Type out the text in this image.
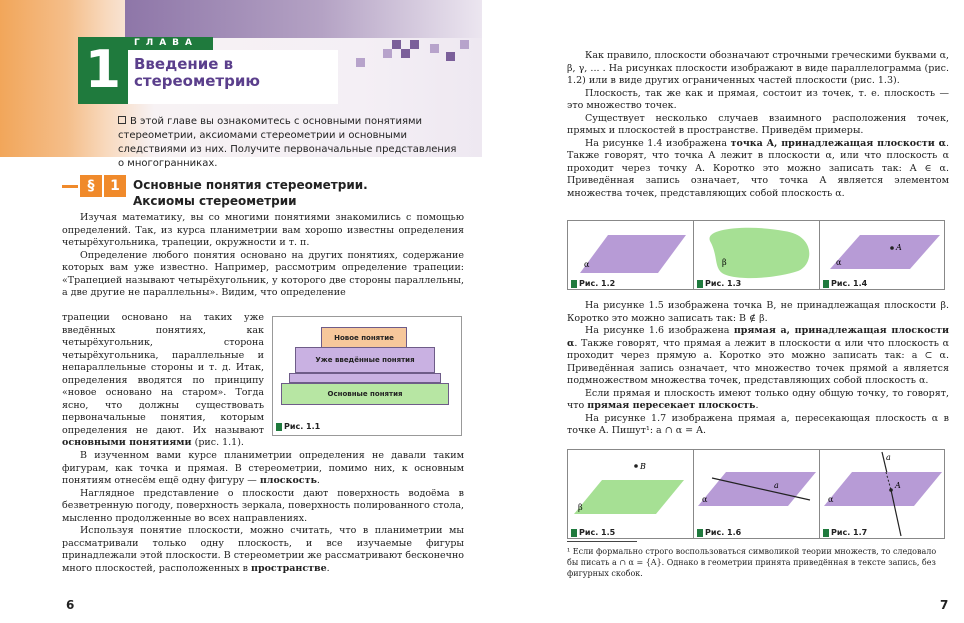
1	ГЛАВА
Введение в стереометрию
В этой главе вы ознакомитесь с основными понятиями стереометрии, аксиомами стереометрии и основными следствиями из них. Получите первоначальные представления о многогранниках.
§	1	Основные понятия стереометрии. Аксиомы стереометрии

Изучая математику, вы со многими понятиями знакомились с помощью определений. Так, из курса планиметрии вам хорошо известны определения четырёхугольника, трапеции, окружности и т. п.

Определение любого понятия основано на других понятиях, содержание которых вам уже известно. Например, рассмотрим определение трапеции: «Трапецией называют четырёхугольник, у которого две стороны параллельны, а две другие не параллельны». Видим, что определение

трапеции основано на таких уже введённых понятиях, как четырёхугольник, сторона четырёхугольника, параллельные и непараллельные стороны и т. д. Итак, определения вводятся по принципу «новое основано на старом». Тогда ясно, что должны существовать первоначальные понятия, которым определения не дают. Их называют основными понятиями (рис. 1.1).

Новое понятие
Уже введённые понятия
Основные понятия
Рис. 1.1

В изученном вами курсе планиметрии определения не давали таким фигурам, как точка и прямая. В стереометрии, помимо них, к основным понятиям отнесём ещё одну фигуру — плоскость.

Наглядное представление о плоскости дают поверхность водоёма в безветренную погоду, поверхность зеркала, поверхность полированного стола, мысленно продолженные во всех направлениях.

Используя понятие плоскости, можно считать, что в планиметрии мы рассматривали только одну плоскость, и все изучаемые фигуры принадлежали этой плоскости. В стереометрии же рассматривают бесконечно много плоскостей, расположенных в пространстве.

6

Как правило, плоскости обозначают строчными греческими буквами α, β, γ, ... . На рисунках плоскости изображают в виде параллелограмма (рис. 1.2) или в виде других ограниченных частей плоскости (рис. 1.3).

Плоскость, так же как и прямая, состоит из точек, т. е. плоскость — это множество точек.

Существует несколько случаев взаимного расположения точек, прямых и плоскостей в пространстве. Приведём примеры.

На рисунке 1.4 изображена точка A, принадлежащая плоскости α. Также говорят, что точка A лежит в плоскости α, или что плоскость α проходит через точку A. Коротко это можно записать так: A ∈ α. Приведённая запись означает, что точка A является элементом множества точек, представляющих собой плоскость α.

α
Рис. 1.2
β
Рис. 1.3
A
α
Рис. 1.4

На рисунке 1.5 изображена точка B, не принадлежащая плоскости β. Коротко это можно записать так: B ∉ β.

На рисунке 1.6 изображена прямая a, принадлежащая плоскости α. Также говорят, что прямая a лежит в плоскости α или что плоскость α проходит через прямую a. Коротко это можно записать так: a ⊂ α. Приведённая запись означает, что множество точек прямой a является подмножеством множества точек, представляющих собой плоскость α.

Если прямая и плоскость имеют только одну общую точку, то говорят, что прямая пересекает плоскость.

На рисунке 1.7 изображена прямая a, пересекающая плоскость α в точке A. Пишут¹: a ∩ α = A.

B
β
Рис. 1.5
a
α
Рис. 1.6
A
a
α
Рис. 1.7
¹ Если формально строго воспользоваться символикой теории множеств, то следовало бы писать a ∩ α = {A}. Однако в геометрии принята приведённая в тексте запись, без фигурных скобок.
7
